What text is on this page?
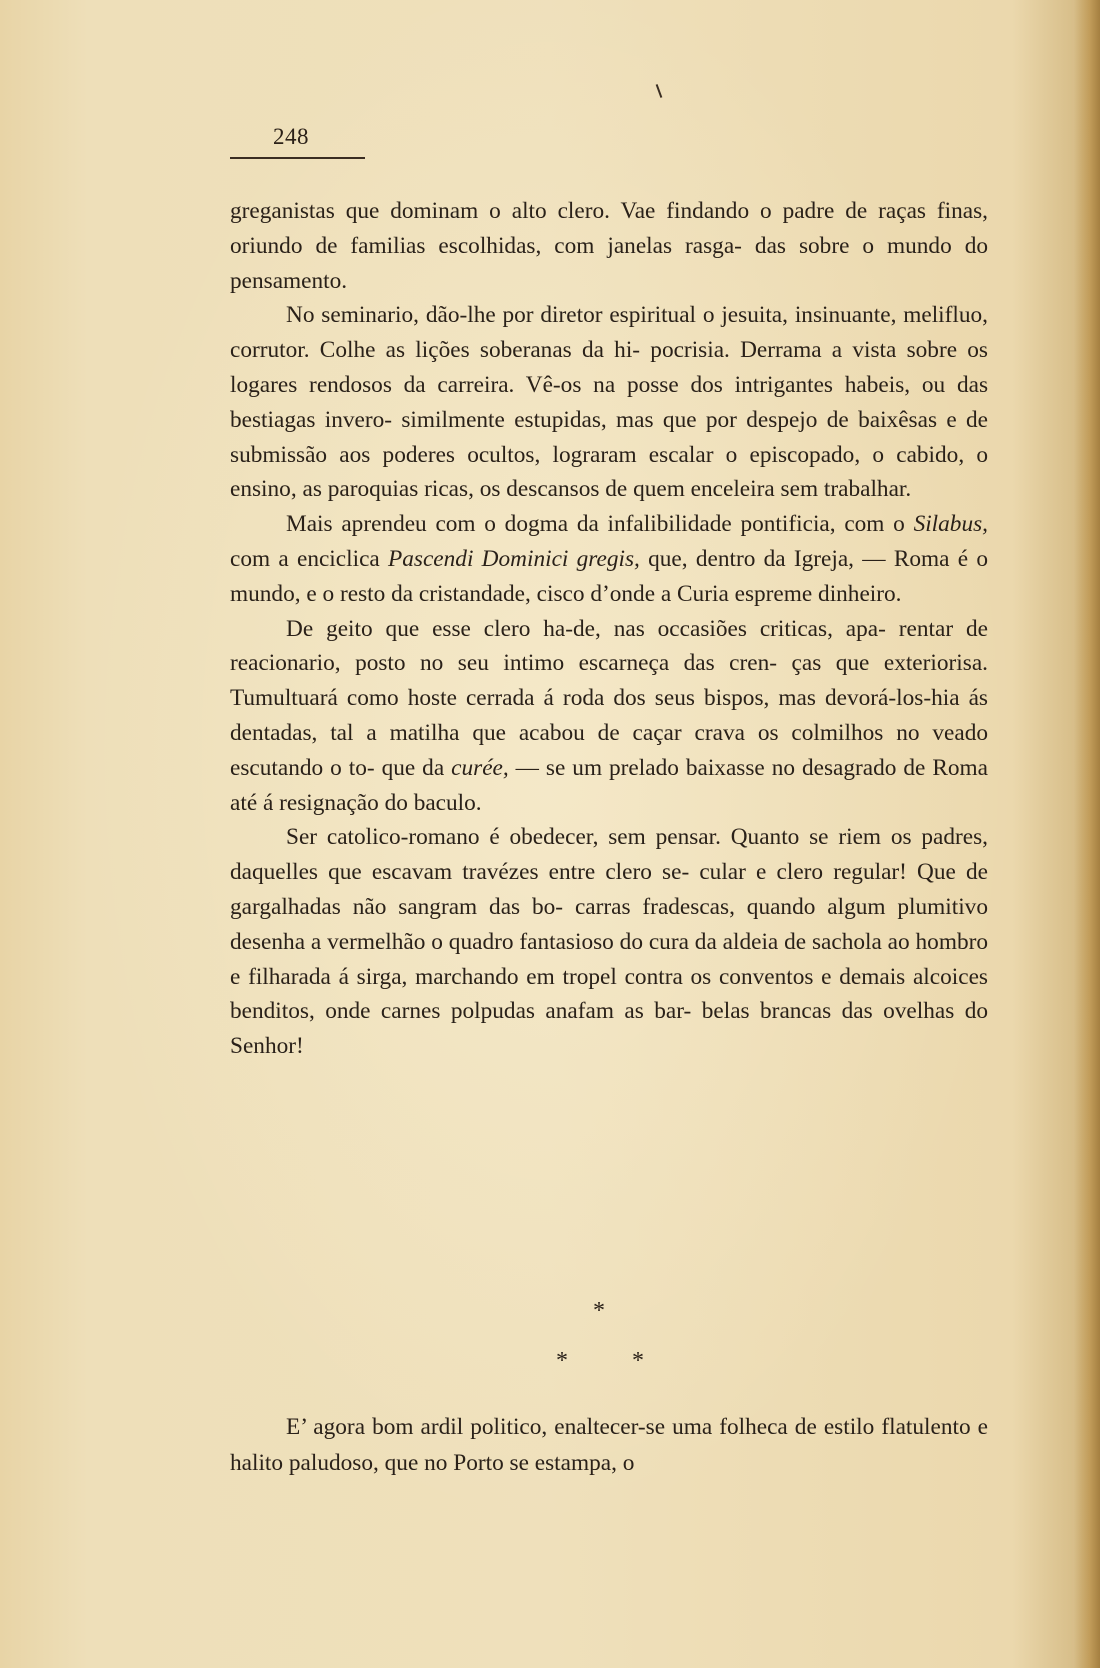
248

greganistas que dominam o alto clero. Vae findando o padre de raças finas, oriundo de familias escolhidas, com janelas rasga- das sobre o mundo do pensamento.

No seminario, dão-lhe por diretor espiritual o jesuita, insinuante, melifluo, corrutor. Colhe as lições soberanas da hi- pocrisia. Derrama a vista sobre os logares rendosos da carreira. Vê-os na posse dos intrigantes habeis, ou das bestiagas invero- similmente estupidas, mas que por despejo de baixêsas e de submissão aos poderes ocultos, lograram escalar o episcopado, o cabido, o ensino, as paroquias ricas, os descansos de quem enceleira sem trabalhar.

Mais aprendeu com o dogma da infalibilidade pontificia, com o Silabus, com a enciclica Pascendi Dominici gregis, que, dentro da Igreja, — Roma é o mundo, e o resto da cristandade, cisco d’onde a Curia espreme dinheiro.

De geito que esse clero ha-de, nas occasiões criticas, apa- rentar de reacionario, posto no seu intimo escarneça das cren- ças que exteriorisa. Tumultuará como hoste cerrada á roda dos seus bispos, mas devorá-los-hia ás dentadas, tal a matilha que acabou de caçar crava os colmilhos no veado escutando o to- que da curée, — se um prelado baixasse no desagrado de Roma até á resignação do baculo.

Ser catolico-romano é obedecer, sem pensar. Quanto se riem os padres, daquelles que escavam travézes entre clero se- cular e clero regular! Que de gargalhadas não sangram das bo- carras fradescas, quando algum plumitivo desenha a vermelhão o quadro fantasioso do cura da aldeia de sachola ao hombro e filharada á sirga, marchando em tropel contra os conventos e demais alcoices benditos, onde carnes polpudas anafam as bar- belas brancas das ovelhas do Senhor!

*
*	*

E’ agora bom ardil politico, enaltecer-se uma folheca de estilo flatulento e halito paludoso, que no Porto se estampa, o
